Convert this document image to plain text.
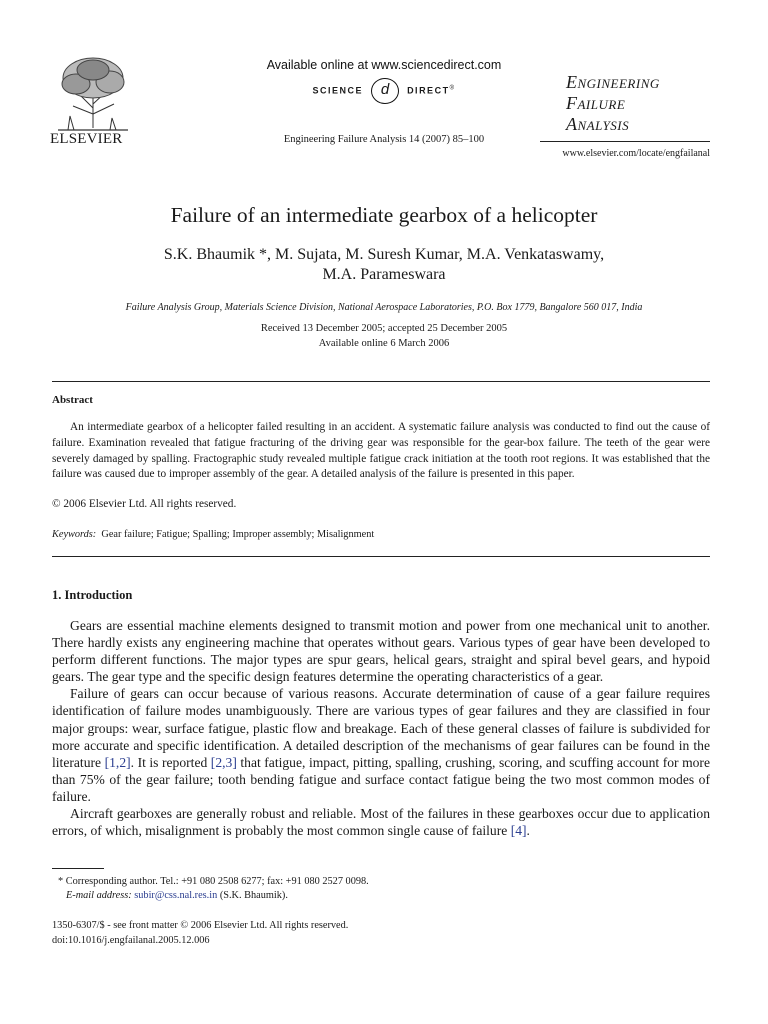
ELSEVIER
Available online at www.sciencedirect.com
SCIENCE d DIRECT®
Engineering Failure Analysis 14 (2007) 85–100
Engineering
Failure
Analysis
www.elsevier.com/locate/engfailanal
Failure of an intermediate gearbox of a helicopter
S.K. Bhaumik *, M. Sujata, M. Suresh Kumar, M.A. Venkataswamy,
M.A. Parameswara
Failure Analysis Group, Materials Science Division, National Aerospace Laboratories, P.O. Box 1779, Bangalore 560 017, India
Received 13 December 2005; accepted 25 December 2005
Available online 6 March 2006
Abstract

An intermediate gearbox of a helicopter failed resulting in an accident. A systematic failure analysis was conducted to find out the cause of failure. Examination revealed that fatigue fracturing of the driving gear was responsible for the gear-box failure. The teeth of the gear were severely damaged by spalling. Fractographic study revealed multiple fatigue crack initiation at the tooth root regions. It was established that the failure was caused due to improper assembly of the gear. A detailed analysis of the failure is presented in this paper.

© 2006 Elsevier Ltd. All rights reserved.
Keywords: Gear failure; Fatigue; Spalling; Improper assembly; Misalignment
1. Introduction

Gears are essential machine elements designed to transmit motion and power from one mechanical unit to another. There hardly exists any engineering machine that operates without gears. Various types of gear have been developed to perform different functions. The major types are spur gears, helical gears, straight and spiral bevel gears, and hypoid gears. The gear type and the specific design features determine the operating characteristics of a gear.

Failure of gears can occur because of various reasons. Accurate determination of cause of a gear failure requires identification of failure modes unambiguously. There are various types of gear failures and they are classified in four major groups: wear, surface fatigue, plastic flow and breakage. Each of these general classes of failure is subdivided for more accurate and specific identification. A detailed description of the mechanisms of gear failures can be found in the literature [1,2]. It is reported [2,3] that fatigue, impact, pitting, spalling, crushing, scoring, and scuffing account for more than 75% of the gear failure; tooth bending fatigue and surface contact fatigue being the two most common modes of failure.

Aircraft gearboxes are generally robust and reliable. Most of the failures in these gearboxes occur due to application errors, of which, misalignment is probably the most common single cause of failure [4].

* Corresponding author. Tel.: +91 080 2508 6277; fax: +91 080 2527 0098.
E-mail address: subir@css.nal.res.in (S.K. Bhaumik).
1350-6307/$ - see front matter © 2006 Elsevier Ltd. All rights reserved.
doi:10.1016/j.engfailanal.2005.12.006
